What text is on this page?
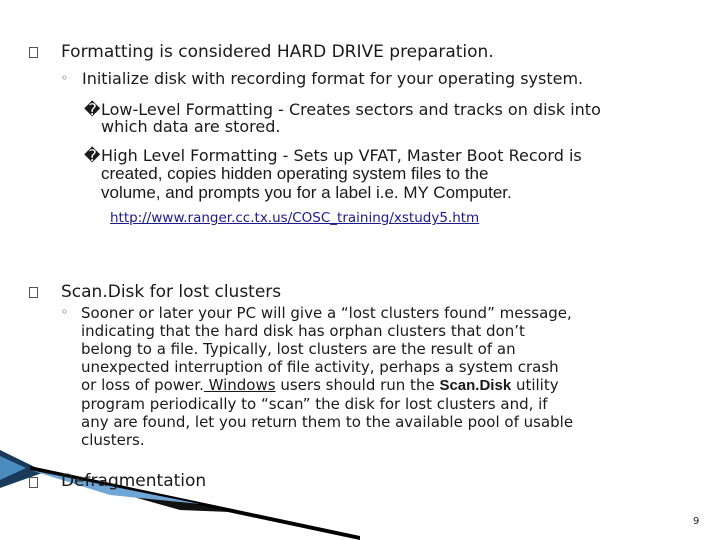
Formatting is considered HARD DRIVE preparation.
◦ Initialize disk with recording format for your operating system.
� Low-Level Formatting - Creates sectors and tracks on disk into
which data are stored.
� High Level Formatting - Sets up VFAT, Master Boot Record is
created, copies hidden operating system files to the
volume, and prompts you for a label i.e. MY Computer.
http://www.ranger.cc.tx.us/COSC_training/xstudy5.htm
Scan.Disk for lost clusters
◦ Sooner or later your PC will give a “lost clusters found” message,
indicating that the hard disk has orphan clusters that don’t
belong to a file. Typically, lost clusters are the result of an
unexpected interruption of file activity, perhaps a system crash
or loss of power. Windows users should run the Scan.Disk utility
program periodically to “scan” the disk for lost clusters and, if
any are found, let you return them to the available pool of usable
clusters.
Defragmentation
9
